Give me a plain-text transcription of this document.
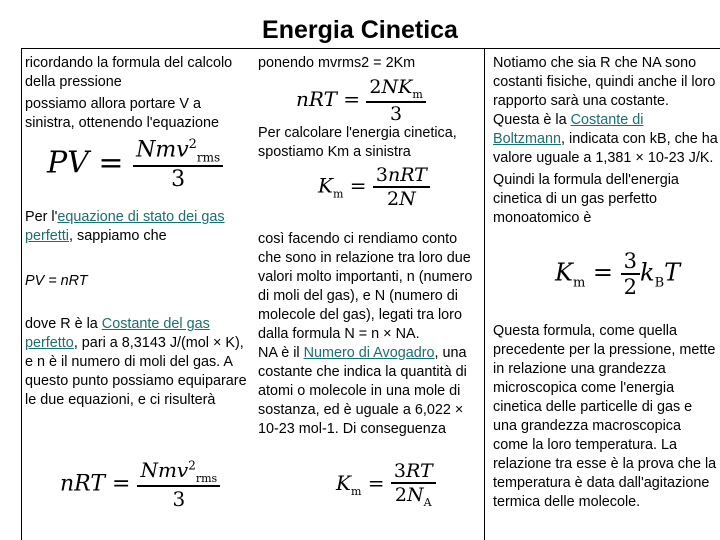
Energia Cinetica

ricordando la formula del calcolo della pressione

possiamo allora portare V a sinistra, ottenendo l'equazione

PV = $\frac{Nmv^2_{rms}}{3}$

Per l'equazione di stato dei gas perfetti, sappiamo che

PV = nRT

dove R è la Costante del gas perfetto, pari a 8,3143 J/(mol × K), e n è il numero di moli del gas. A questo punto possiamo equiparare le due equazioni, e ci risulterà

nRT = $\frac{Nmv^2_{rms}}{3}$

ponendo mvrms2 = 2Km

nRT = $\frac{2NK_m}{3}$

Per calcolare l'energia cinetica, spostiamo Km a sinistra

$K_m = \frac{\text{3nRT}}{2N}$

così facendo ci rendiamo conto che sono in relazione tra loro due valori molto importanti, n (numero di moli del gas), e N (numero di molecole del gas), legati tra loro dalla formula N = n × NA.

NA è il Numero di Avogadro, una costante che indica la quantità di atomi o molecole in una mole di sostanza, ed è uguale a 6,022 × 10-23 mol-1. Di conseguenza

$K_m = \frac{3RT}{2N_A}$

Notiamo che sia R che NA sono costanti fisiche, quindi anche il loro rapporto sarà una costante. Questa è la Costante di Boltzmann, indicata con kB, che ha valore uguale a 1,381 × 10-23 J/K.

Quindi la formula dell'energia cinetica di un gas perfetto monoatomico è

$K_m = \frac{3}{2} k_BT$

Questa formula, come quella precedente per la pressione, mette in relazione una grandezza microscopica come l'energia cinetica delle particelle di gas e una grandezza macroscopica come la loro temperatura. La relazione tra esse è la prova che la temperatura è data dall'agitazione termica delle molecole.
